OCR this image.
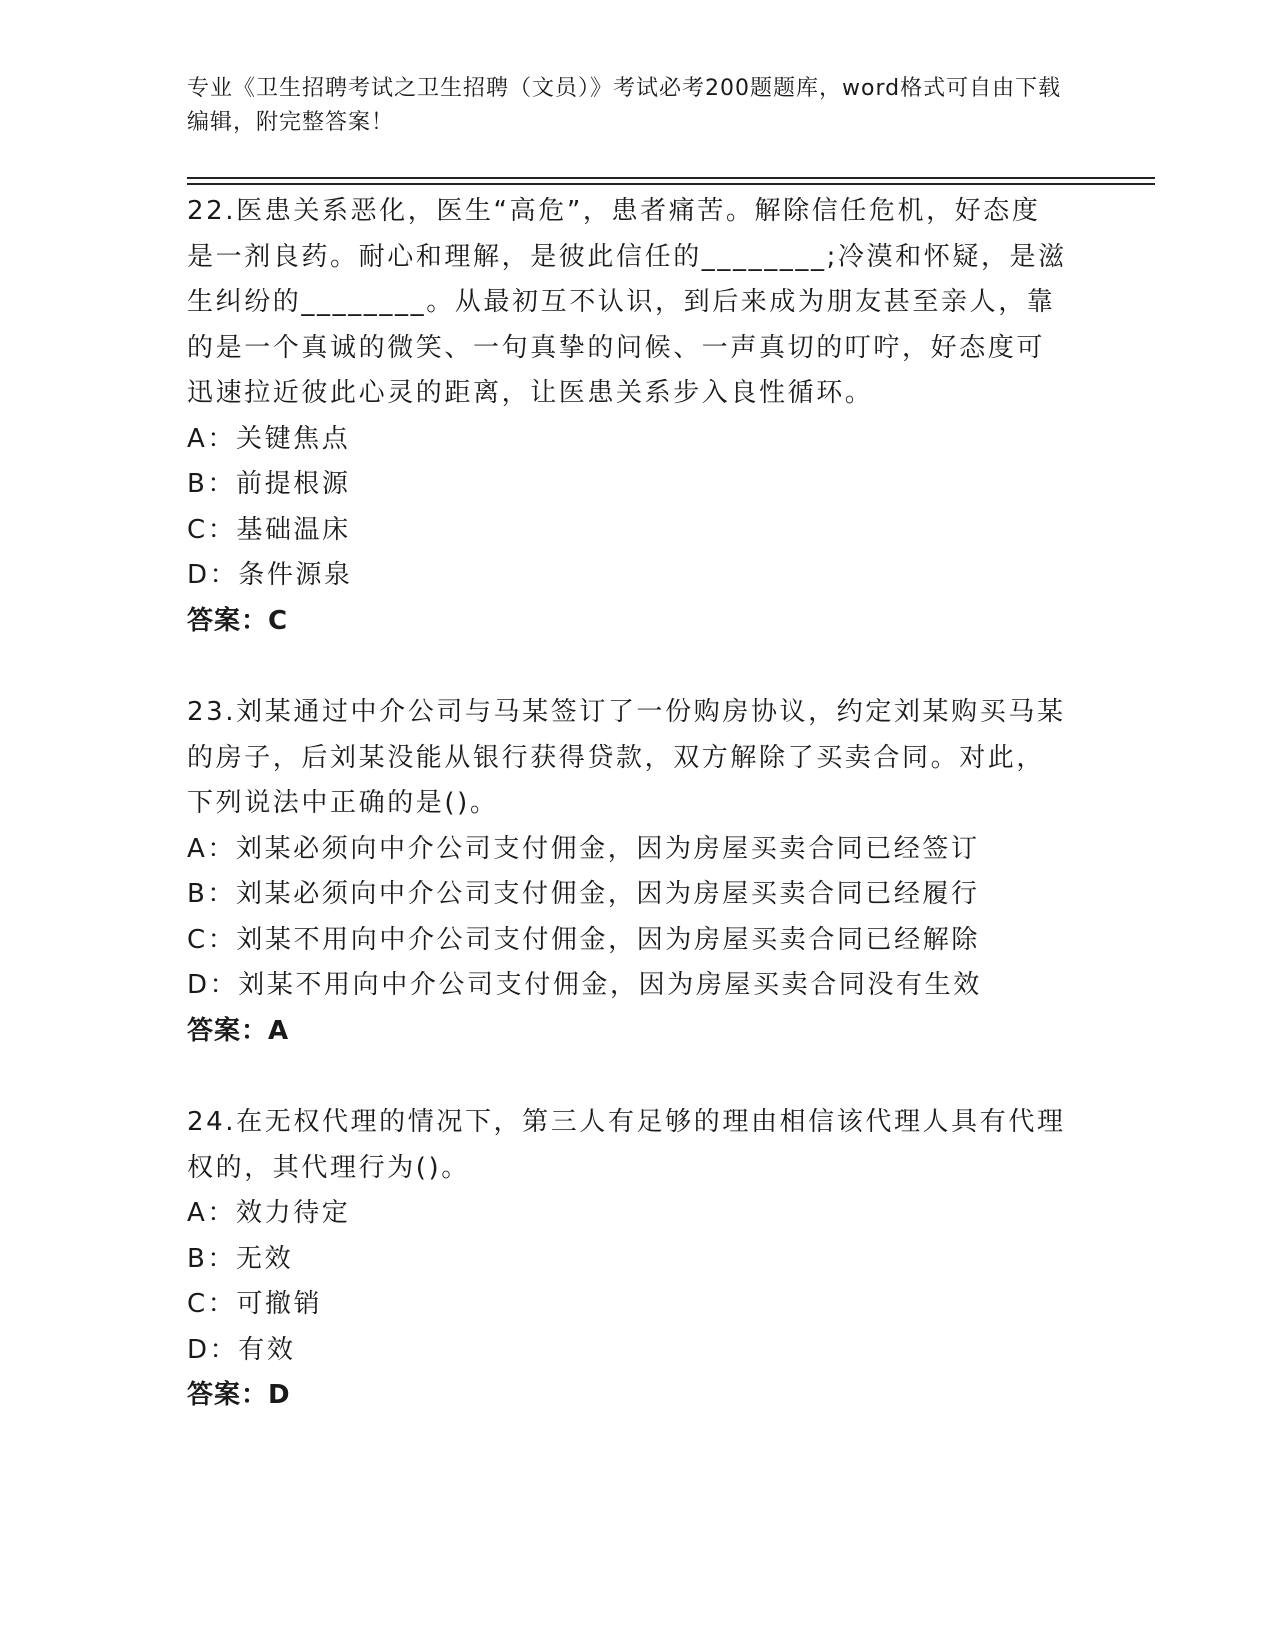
专业《卫生招聘考试之卫生招聘（文员）》考试必考200题题库，word格式可自由下载编辑，附完整答案！

22.医患关系恶化，医生“高危”，患者痛苦。解除信任危机，好态度是一剂良药。耐心和理解，是彼此信任的________;冷漠和怀疑，是滋生纠纷的________。从最初互不认识，到后来成为朋友甚至亲人，靠的是一个真诚的微笑、一句真挚的问候、一声真切的叮咛，好态度可迅速拉近彼此心灵的距离，让医患关系步入良性循环。

A：关键焦点

B：前提根源

C：基础温床

D：条件源泉

答案：C

23.刘某通过中介公司与马某签订了一份购房协议，约定刘某购买马某的房子，后刘某没能从银行获得贷款，双方解除了买卖合同。对此，下列说法中正确的是()。

A：刘某必须向中介公司支付佣金，因为房屋买卖合同已经签订

B：刘某必须向中介公司支付佣金，因为房屋买卖合同已经履行

C：刘某不用向中介公司支付佣金，因为房屋买卖合同已经解除

D：刘某不用向中介公司支付佣金，因为房屋买卖合同没有生效

答案：A

24.在无权代理的情况下，第三人有足够的理由相信该代理人具有代理权的，其代理行为()。

A：效力待定

B：无效

C：可撤销

D：有效

答案：D
